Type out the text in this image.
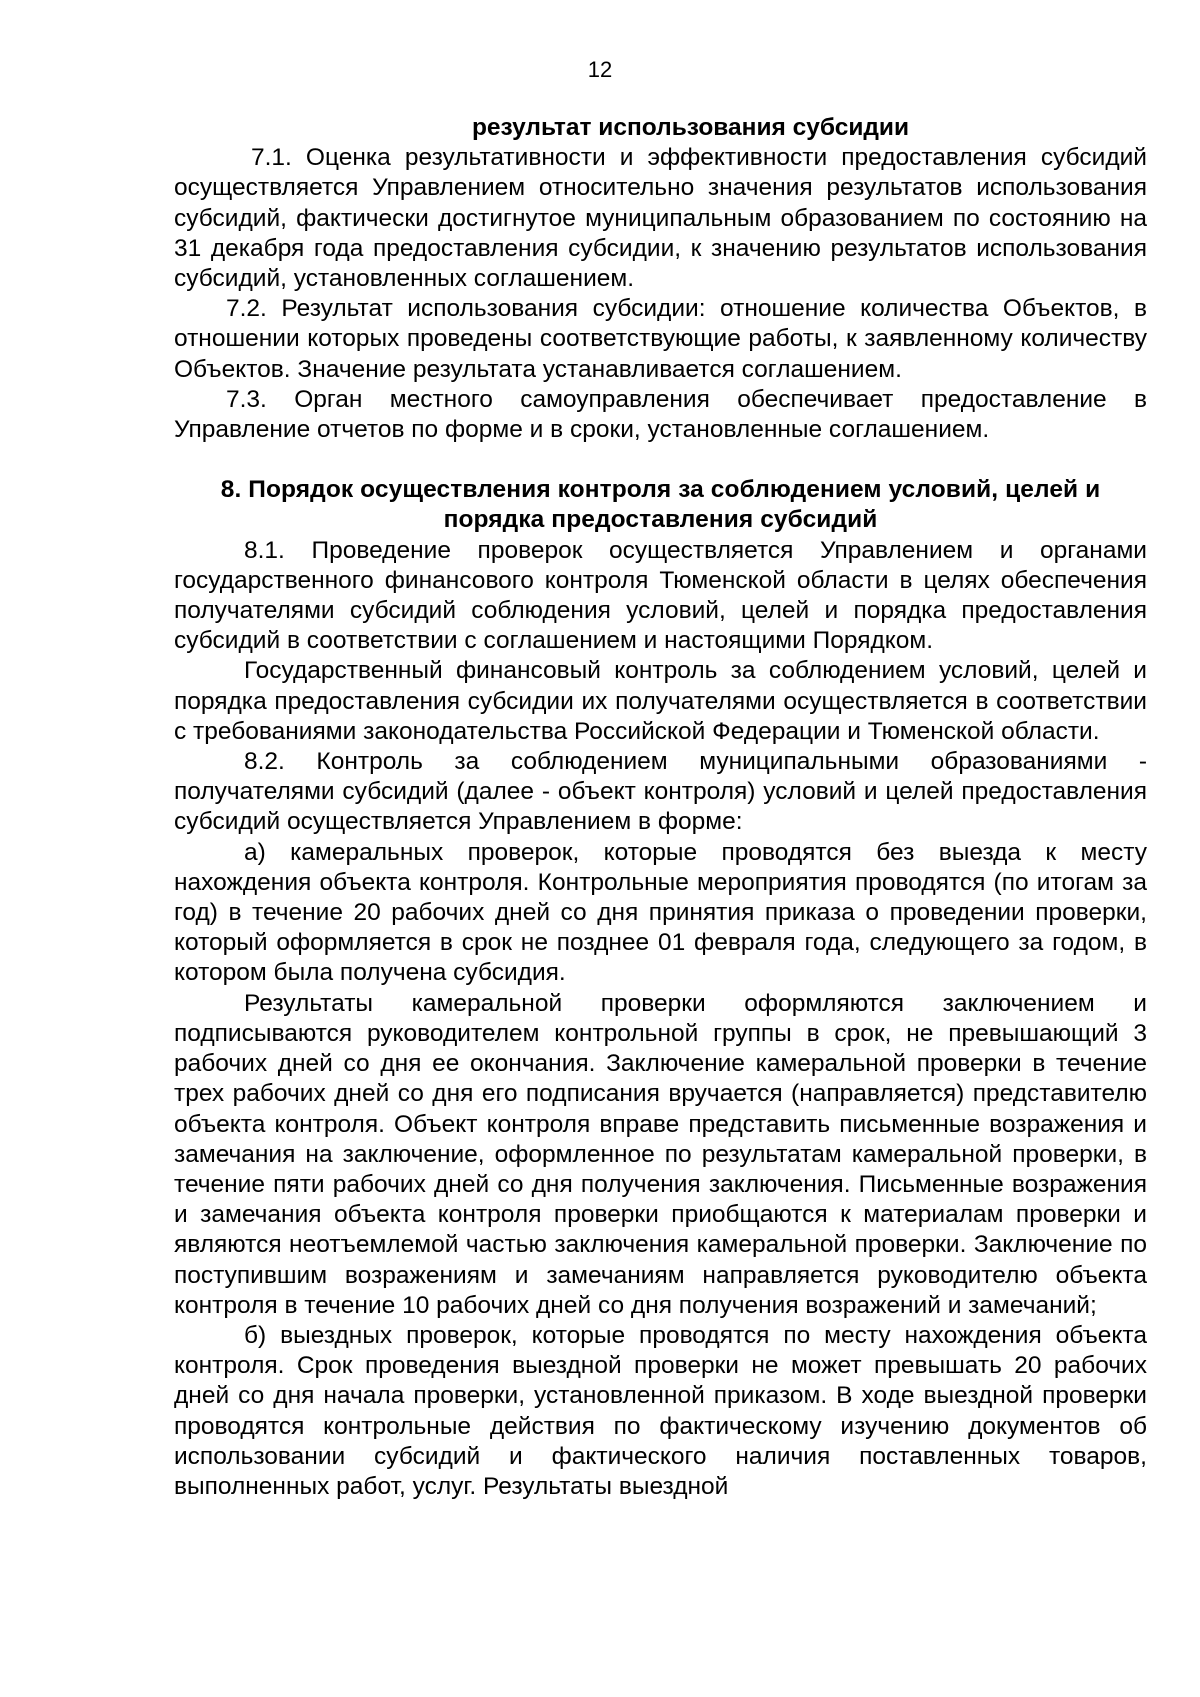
12

результат использования субсидии

7.1. Оценка результативности и эффективности предоставления субсидий осуществляется Управлением относительно значения результатов использования субсидий, фактически достигнутое муниципальным образованием по состоянию на 31 декабря года предоставления субсидии, к значению результатов использования субсидий, установленных соглашением.

7.2. Результат использования субсидии: отношение количества Объектов, в отношении которых проведены соответствующие работы, к заявленному количеству Объектов. Значение результата устанавливается соглашением.

7.3. Орган местного самоуправления обеспечивает предоставление в Управление отчетов по форме и в сроки, установленные соглашением.

8. Порядок осуществления контроля за соблюдением условий, целей и порядка предоставления субсидий

8.1. Проведение проверок осуществляется Управлением и органами государственного финансового контроля Тюменской области в целях обеспечения получателями субсидий соблюдения условий, целей и порядка предоставления субсидий в соответствии с соглашением и настоящими Порядком.

Государственный финансовый контроль за соблюдением условий, целей и порядка предоставления субсидии их получателями осуществляется в соответствии с требованиями законодательства Российской Федерации и Тюменской области.

8.2. Контроль за соблюдением муниципальными образованиями - получателями субсидий (далее - объект контроля) условий и целей предоставления субсидий осуществляется Управлением в форме:

а) камеральных проверок, которые проводятся без выезда к месту нахождения объекта контроля. Контрольные мероприятия проводятся (по итогам за год) в течение 20 рабочих дней со дня принятия приказа о проведении проверки, который оформляется в срок не позднее 01 февраля года, следующего за годом, в котором была получена субсидия.

Результаты камеральной проверки оформляются заключением и подписываются руководителем контрольной группы в срок, не превышающий 3 рабочих дней со дня ее окончания. Заключение камеральной проверки в течение трех рабочих дней со дня его подписания вручается (направляется) представителю объекта контроля. Объект контроля вправе представить письменные возражения и замечания на заключение, оформленное по результатам камеральной проверки, в течение пяти рабочих дней со дня получения заключения. Письменные возражения и замечания объекта контроля проверки приобщаются к материалам проверки и являются неотъемлемой частью заключения камеральной проверки. Заключение по поступившим возражениям и замечаниям направляется руководителю объекта контроля в течение 10 рабочих дней со дня получения возражений и замечаний;

б) выездных проверок, которые проводятся по месту нахождения объекта контроля. Срок проведения выездной проверки не может превышать 20 рабочих дней со дня начала проверки, установленной приказом. В ходе выездной проверки проводятся контрольные действия по фактическому изучению документов об использовании субсидий и фактического наличия поставленных товаров, выполненных работ, услуг. Результаты выездной
